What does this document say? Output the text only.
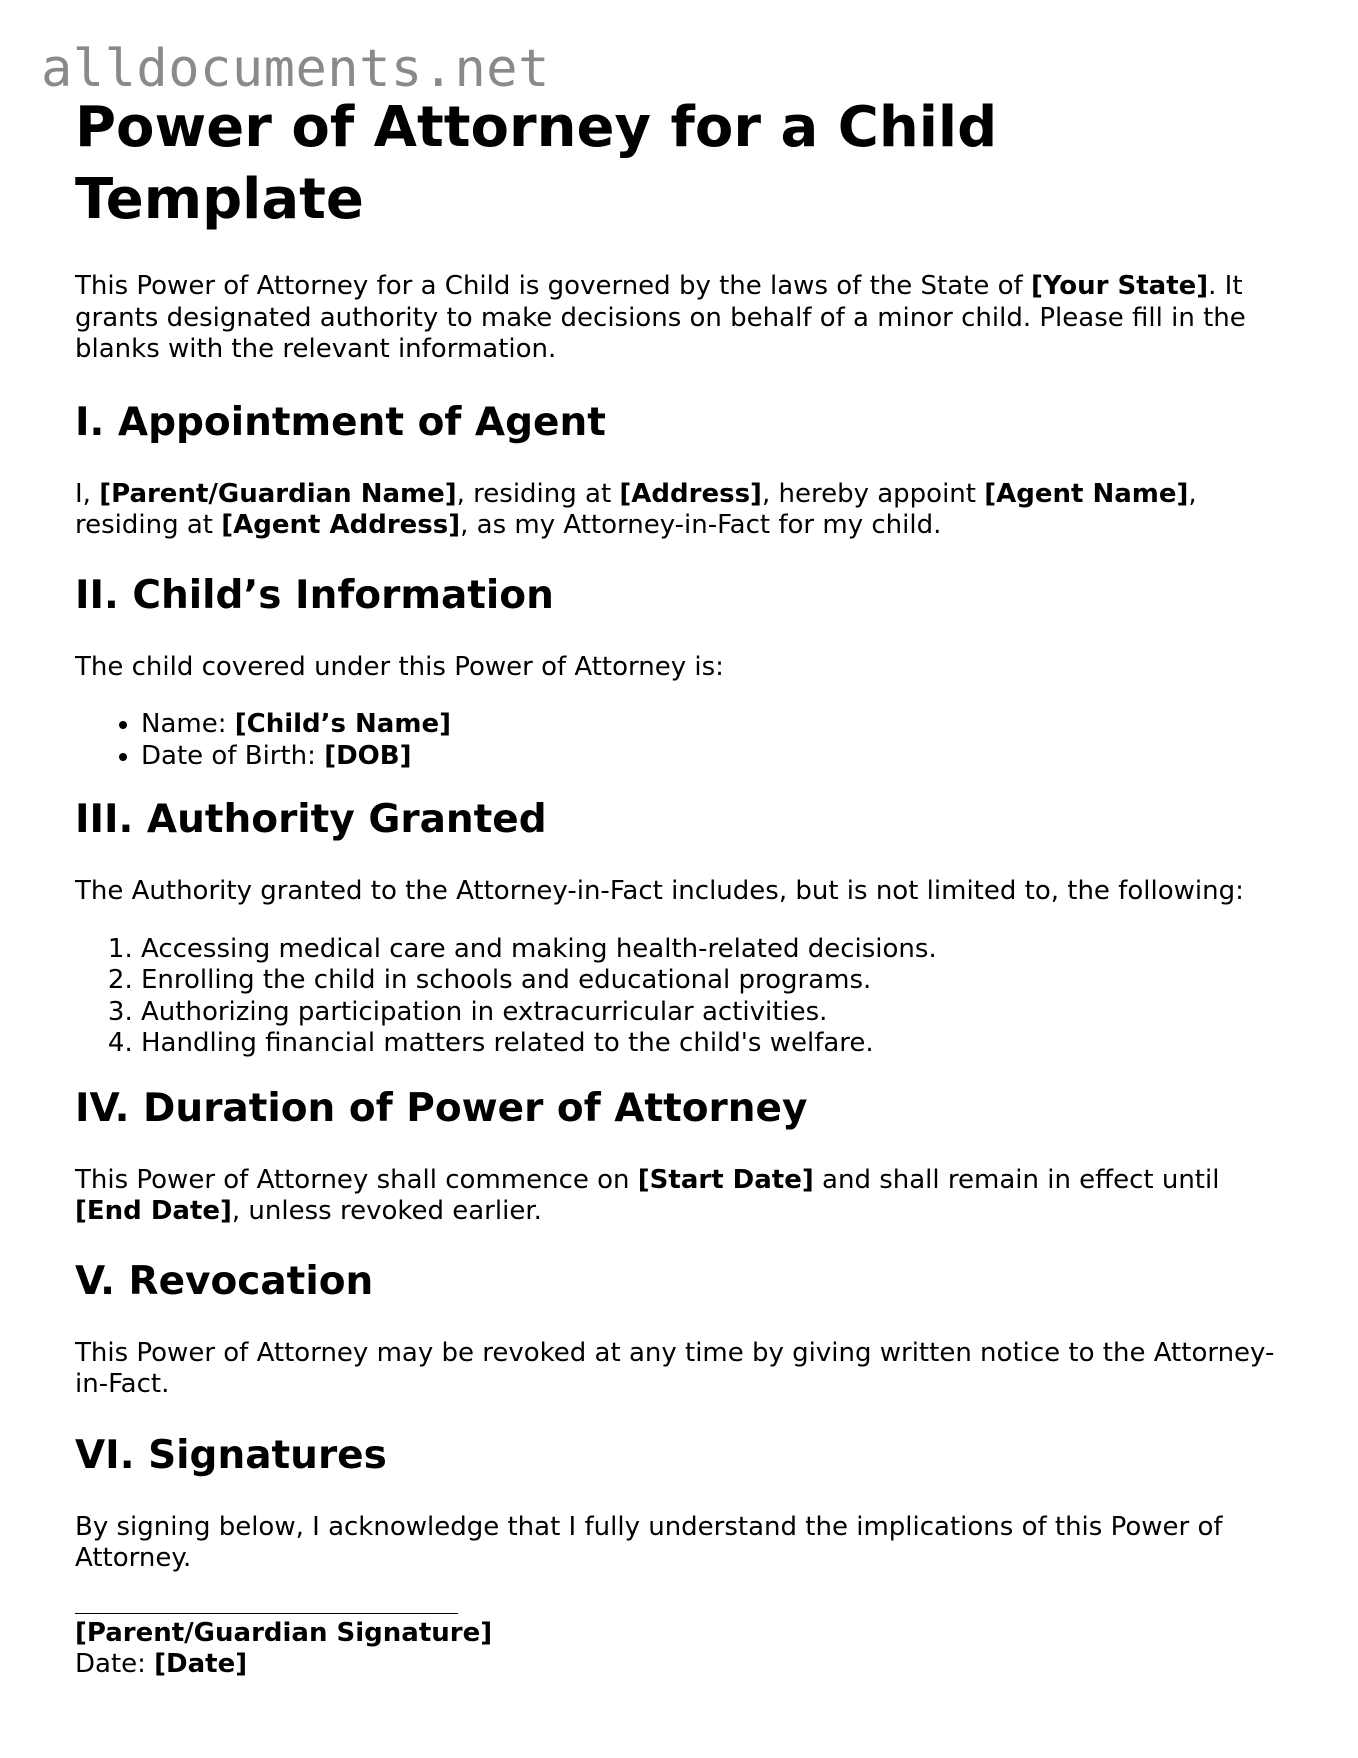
alldocuments.net
Power of Attorney for a Child Template

This Power of Attorney for a Child is governed by the laws of the State of [Your State]. It grants designated authority to make decisions on behalf of a minor child. Please fill in the blanks with the relevant information.

I. Appointment of Agent

I, [Parent/Guardian Name], residing at [Address], hereby appoint [Agent Name], residing at [Agent Address], as my Attorney-in-Fact for my child.

II. Child’s Information

The child covered under this Power of Attorney is:

• Name: [Child’s Name]
• Date of Birth: [DOB]
III. Authority Granted

The Authority granted to the Attorney-in-Fact includes, but is not limited to, the following:

1. Accessing medical care and making health-related decisions.
2. Enrolling the child in schools and educational programs.
3. Authorizing participation in extracurricular activities.
4. Handling financial matters related to the child's welfare.
IV. Duration of Power of Attorney

This Power of Attorney shall commence on [Start Date] and shall remain in effect until [End Date], unless revoked earlier.

V. Revocation

This Power of Attorney may be revoked at any time by giving written notice to the Attorney-in-Fact.

VI. Signatures

By signing below, I acknowledge that I fully understand the implications of this Power of Attorney.

[Parent/Guardian Signature]

Date: [Date]
